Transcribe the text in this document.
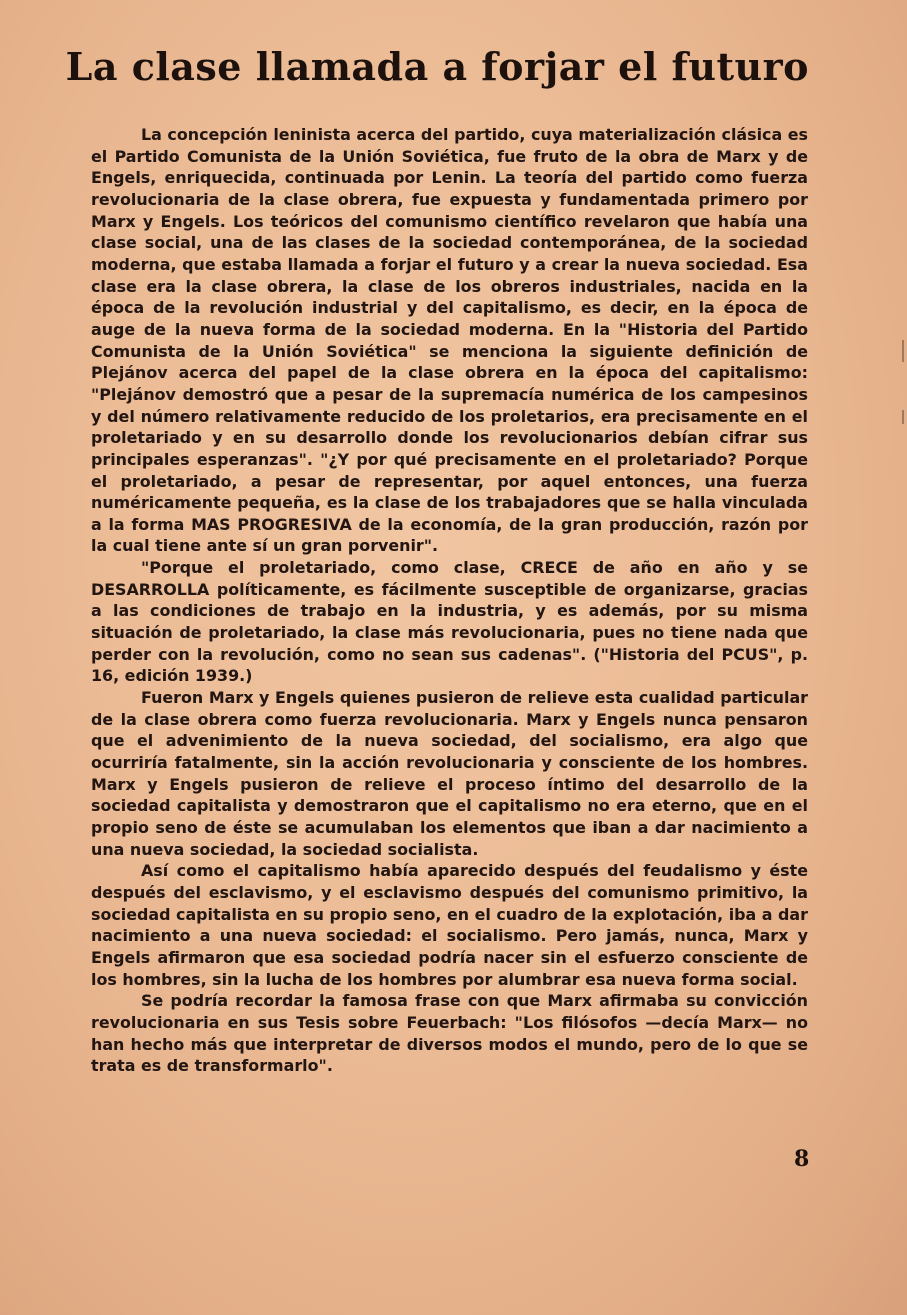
La clase llamada a forjar el futuro

La concepción leninista acerca del partido, cuya materialización clásica es el Partido Comunista de la Unión Soviética, fue fruto de la obra de Marx y de Engels, enriquecida, continuada por Lenin. La teoría del partido como fuerza revolucionaria de la clase obrera, fue expuesta y fundamentada primero por Marx y Engels. Los teóricos del comunismo científico revelaron que había una clase social, una de las clases de la sociedad contemporánea, de la sociedad moderna, que estaba llamada a forjar el futuro y a crear la nueva sociedad. Esa clase era la clase obrera, la clase de los obreros industriales, nacida en la época de la revolución industrial y del capitalismo, es decir, en la época de auge de la nueva forma de la sociedad moderna. En la "Historia del Partido Comunista de la Unión Soviética" se menciona la siguiente definición de Plejánov acerca del papel de la clase obrera en la época del capitalismo: "Plejánov demostró que a pesar de la supremacía numérica de los campesinos y del número relativamente reducido de los proletarios, era precisamente en el proletariado y en su desarrollo donde los revolucionarios debían cifrar sus principales esperanzas". "¿Y por qué precisamente en el proletariado? Porque el proletariado, a pesar de representar, por aquel entonces, una fuerza numéricamente pequeña, es la clase de los trabajadores que se halla vinculada a la forma MAS PROGRESIVA de la economía, de la gran producción, razón por la cual tiene ante sí un gran porvenir".

"Porque el proletariado, como clase, CRECE de año en año y se DESARROLLA políticamente, es fácilmente susceptible de organizarse, gracias a las condiciones de trabajo en la industria, y es además, por su misma situación de proletariado, la clase más revolucionaria, pues no tiene nada que perder con la revolución, como no sean sus cadenas". ("Historia del PCUS", p. 16, edición 1939.)

Fueron Marx y Engels quienes pusieron de relieve esta cualidad particular de la clase obrera como fuerza revolucionaria. Marx y Engels nunca pensaron que el advenimiento de la nueva sociedad, del socialismo, era algo que ocurriría fatalmente, sin la acción revolucionaria y consciente de los hombres. Marx y Engels pusieron de relieve el proceso íntimo del desarrollo de la sociedad capitalista y demostraron que el capitalismo no era eterno, que en el propio seno de éste se acumulaban los elementos que iban a dar nacimiento a una nueva sociedad, la sociedad socialista.

Así como el capitalismo había aparecido después del feudalismo y éste después del esclavismo, y el esclavismo después del comunismo primitivo, la sociedad capitalista en su propio seno, en el cuadro de la explotación, iba a dar nacimiento a una nueva sociedad: el socialismo. Pero jamás, nunca, Marx y Engels afirmaron que esa sociedad podría nacer sin el esfuerzo consciente de los hombres, sin la lucha de los hombres por alumbrar esa nueva forma social.

Se podría recordar la famosa frase con que Marx afirmaba su convicción revolucionaria en sus Tesis sobre Feuerbach: "Los filósofos —decía Marx— no han hecho más que interpretar de diversos modos el mundo, pero de lo que se trata es de transformarlo".

8
